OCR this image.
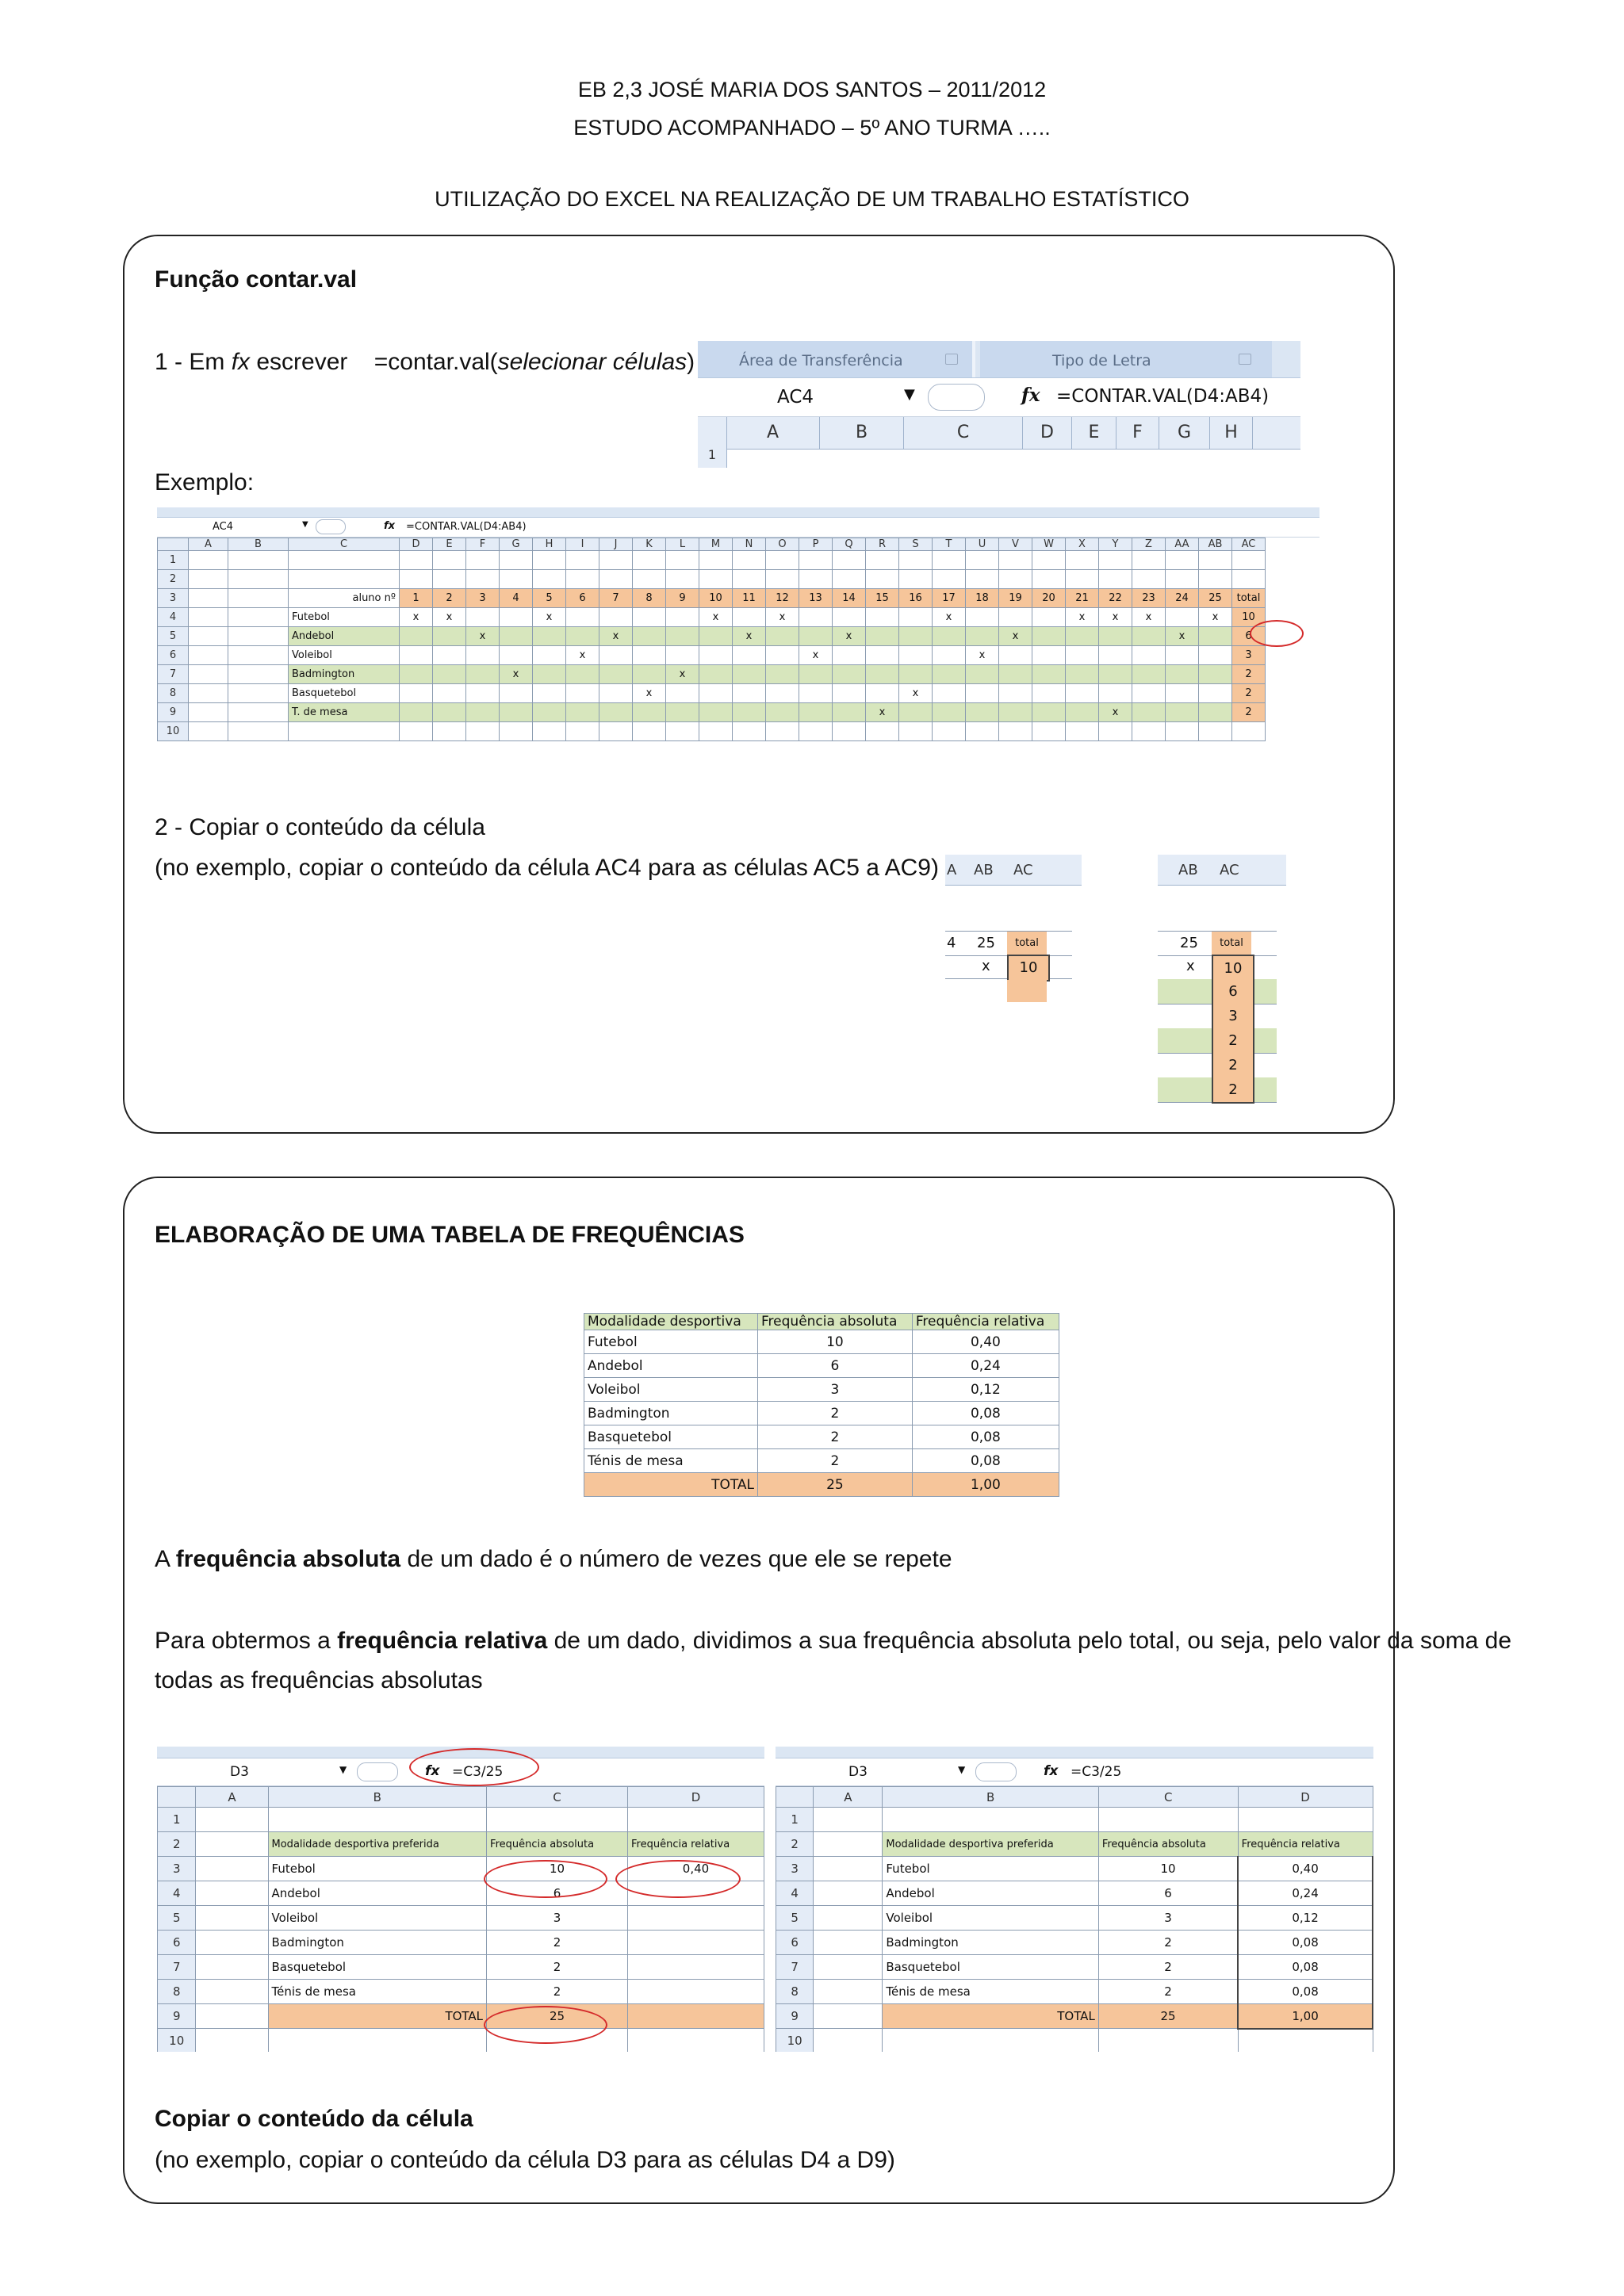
EB 2,3 JOSÉ MARIA DOS SANTOS – 2011/2012
ESTUDO ACOMPANHADO – 5º ANO TURMA …..
UTILIZAÇÃO DO EXCEL NA REALIZAÇÃO DE UM TRABALHO ESTATÍSTICO
Função contar.val
1 - Em fx escrever    =contar.val(selecionar células)	Área de Transferência	Tipo de Letra
AC4	▼	fx =CONTAR.VAL(D4:AB4)
A	B	C	D	E	F	G	H
1
Exemplo:
AC4	▼	fx =CONTAR.VAL(D4:AB4)
	A	B	C	D	E	F	G	H	I	J	K	L	M	N	O	P	Q	R	S	T	U	V	W	X	Y	Z	AA	AB	AC
1																													
2																													
3			aluno nº	1	2	3	4	5	6	7	8	9	10	11	12	13	14	15	16	17	18	19	20	21	22	23	24	25	total
4			Futebol	x	x			x					x		x					x				x	x	x		x	10
5			Andebol			x				x				x			x					x					x		6
6			Voleibol						x							x					x								3
7			Badmington				x					x																	2
8			Basquetebol								x								x										2
9			T. de mesa															x							x				2
10																													
2 - Copiar o conteúdo da célula
(no exemplo, copiar o conteúdo da célula AC4 para as células AC5 a AC9) A AB AC
4 25	total
x	10
AB AC
25	total
x	10
6
3
2
2
2
ELABORAÇÃO DE UMA TABELA DE FREQUÊNCIAS
Modalidade desportiva	Frequência absoluta	Frequência relativa
Futebol	10	0,40
Andebol	6	0,24
Voleibol	3	0,12
Badmington	2	0,08
Basquetebol	2	0,08
Ténis de mesa	2	0,08
TOTAL	25	1,00
A frequência absoluta de um dado é o número de vezes que ele se repete
Para obtermos a frequência relativa de um dado, dividimos a sua frequência absoluta pelo total, ou seja, pelo valor da soma de
todas as frequências absolutas
D3	▼	fx =C3/25
	A	B	C	D
1				
2		Modalidade desportiva preferida	Frequência absoluta	Frequência relativa
3		Futebol	10	0,40
4		Andebol	6	
5		Voleibol	3	
6		Badmington	2	
7		Basquetebol	2	
8		Ténis de mesa	2	
9		TOTAL	25	
10				
D3	▼	fx =C3/25
	A	B	C	D
1				
2		Modalidade desportiva preferida	Frequência absoluta	Frequência relativa
3		Futebol	10	0,40
4		Andebol	6	0,24
5		Voleibol	3	0,12
6		Badmington	2	0,08
7		Basquetebol	2	0,08
8		Ténis de mesa	2	0,08
9		TOTAL	25	1,00
10				
Copiar o conteúdo da célula
(no exemplo, copiar o conteúdo da célula D3 para as células D4 a D9)
